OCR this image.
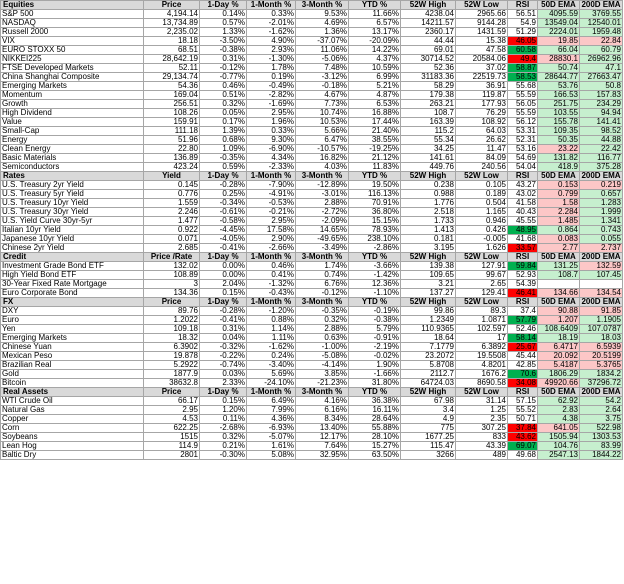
Equities	Price	1-Day %	1-Month %	3-Month %	YTD %	52W High	52W Low	RSI	50D EMA	200D EMA
S&P 500	4,194.14	0.14%	0.33%	9.53%	11.66%	4238.04	2965.66	56.51	4095.59	3769.55
NASDAQ	13,734.89	0.57%	-2.01%	4.69%	6.57%	14211.57	9144.28	54.9	13549.04	12540.01
Russell 2000	2,235.02	1.33%	-1.62%	1.36%	13.17%	2360.17	1431.59	51.29	2224.01	1959.48
VIX	18.18	-3.50%	4.90%	-37.07%	-20.09%	44.44	15.38	46.05	19.85	22.84
EURO STOXX 50	68.51	-0.38%	2.93%	11.06%	14.22%	69.01	47.58	60.58	66.04	60.79
NIKKEI225	28,642.19	0.31%	-1.30%	-5.06%	4.37%	30714.52	20584.06	49.4	28830.1	26962.96
FTSE Developed Markets	52.11	-0.12%	1.78%	7.48%	10.59%	52.36	37.02	58.87	50.74	47.1
China Shanghai Composite	29,134.74	-0.77%	0.19%	-3.12%	6.99%	31183.36	22519.73	58.53	28644.77	27663.47
Emerging Markets	54.36	0.46%	-0.49%	-0.18%	5.21%	58.29	36.91	55.68	53.76	50.8
Momentum	169.04	0.51%	-2.82%	4.67%	4.87%	179.38	119.87	55.59	166.53	157.83
Growth	256.51	0.32%	-1.69%	7.73%	6.53%	263.21	177.93	56.05	251.75	234.29
High Dividend	108.26	0.05%	2.95%	10.74%	16.88%	108.7	76.29	55.59	103.55	94.94
Value	159.91	0.17%	1.96%	10.53%	17.44%	163.39	108.92	56.12	155.78	141.41
Small-Cap	111.18	1.39%	0.33%	5.66%	21.40%	115.2	64.03	53.31	109.35	98.52
Energy	51.96	0.68%	9.30%	6.47%	38.55%	55.34	26.62	52.31	50.35	44.88
Clean Energy	22.80	1.09%	-6.90%	-10.57%	-19.25%	34.25	11.47	53.16	23.22	22.42
Basic Materials	136.89	-0.35%	4.34%	16.82%	21.12%	141.61	84.09	54.69	131.82	116.77
Semiconductors	423.24	0.59%	-2.33%	4.03%	11.83%	449.76	240.56	54.04	418.9	375.28
Rates	Yield	1-Day %	1-Month %	3-Month %	YTD %	52W High	52W Low	RSI	50D EMA	200D EMA
U.S. Treasury 2yr Yield	0.145	-0.28%	-7.90%	-12.89%	19.50%	0.238	0.105	43.27	0.153	0.219
U.S. Treasury 5yr Yield	0.776	0.25%	-4.91%	-3.01%	116.13%	0.988	0.189	43.02	0.799	0.657
U.S. Treasury 10yr Yield	1.559	-0.34%	-0.53%	2.88%	70.91%	1.776	0.504	41.58	1.58	1.283
U.S. Treasury 30yr Yield	2.246	-0.61%	-0.21%	-2.72%	36.80%	2.518	1.165	40.43	2.284	1.999
U.S. Yield Curve 30yr-5yr	1.477	-0.58%	2.95%	-2.09%	15.15%	1.733	0.946	45.55	1.485	1.341
Italian 10yr Yield	0.922	-4.45%	17.58%	14.65%	78.93%	1.413	0.426	48.95	0.864	0.743
Japanese 10yr Yield	0.071	-4.05%	2.90%	-49.65%	238.10%	0.181	-0.005	41.68	0.083	0.055
Chinese 2yr Yield	2.685	-0.41%	-2.66%	-3.49%	-2.86%	3.195	1.626	33.57	2.77	2.737
Credit	Price /Rate	1-Day %	1-Month %	3-Month %	YTD %	52W High	52W Low	RSI	50D EMA	200D EMA
Investment Grade Bond ETF	132.02	0.00%	0.46%	1.74%	-3.66%	139.38	127.91	59.84	131.25	132.59
High Yield Bond ETF	108.89	0.00%	0.41%	0.74%	-1.42%	109.65	99.67	52.93	108.7	107.45
30-Year Fixed Rate Mortgage	3	2.04%	-1.32%	6.76%	12.36%	3.21	2.65	54.39		
Euro Corporate Bond	134.36	0.15%	-0.43%	-0.12%	-1.10%	137.27	129.41	46.41	134.66	134.54
FX	Price	1-Day %	1-Month %	3-Month %	YTD %	52W High	52W Low	RSI	50D EMA	200D EMA
DXY	89.76	-0.28%	-1.20%	-0.35%	-0.19%	99.86	89.3	37.4	90.88	91.85
Euro	1.2022	-0.41%	0.88%	0.32%	-0.38%	1.2349	1.0871	57.79	1.207	1.1905
Yen	109.18	0.31%	1.14%	2.88%	5.79%	110.9365	102.597	52.46	108.6409	107.0787
Emerging Markets	18.32	0.04%	1.11%	0.63%	-0.91%	18.64	17	58.14	18.19	18.03
Chinese Yuan	6.3902	-0.32%	-1.62%	-1.00%	-2.19%	7.1779	6.3892	25.67	6.4717	6.5939
Mexican Peso	19.878	-0.22%	0.24%	-5.08%	-0.02%	23.2072	19.5508	45.44	20.092	20.5199
Brazilian Real	5.2922	-0.74%	-3.40%	-4.14%	1.90%	5.8708	4.8201	42.85	5.4187	5.3765
Gold	1877.9	0.03%	5.69%	3.85%	-1.66%	2112.7	1676.2	70.6	1806.29	1834.2
Bitcoin	38632.8	2.33%	-24.10%	-21.23%	31.80%	64724.03	8690.58	34.08	49920.66	37296.72
Real Assets	Price	1-Day %	1-Month %	3-Month %	YTD %	52W High	52W Low	RSI	50D EMA	200D EMA
WTI Crude Oil	66.17	0.15%	6.49%	4.16%	36.38%	67.98	31.14	57.15	62.92	54.2
Natural Gas	2.95	1.20%	7.99%	6.16%	16.11%	3.4	1.25	55.52	2.83	2.64
Copper	4.53	0.11%	4.36%	8.34%	28.64%	4.9	2.35	50.71	4.38	3.75
Corn	622.25	-2.68%	-6.93%	13.40%	55.88%	775	307.25	37.84	641.05	522.98
Soybeans	1515	0.32%	-5.07%	12.17%	28.10%	1677.25	833	43.62	1505.94	1303.53
Lean Hog	114.9	0.21%	1.61%	7.64%	15.27%	115.47	43.39	69.07	104.76	83.99
Baltic Dry	2801	-0.30%	5.08%	32.95%	63.50%	3266	489	49.68	2547.13	1844.22
